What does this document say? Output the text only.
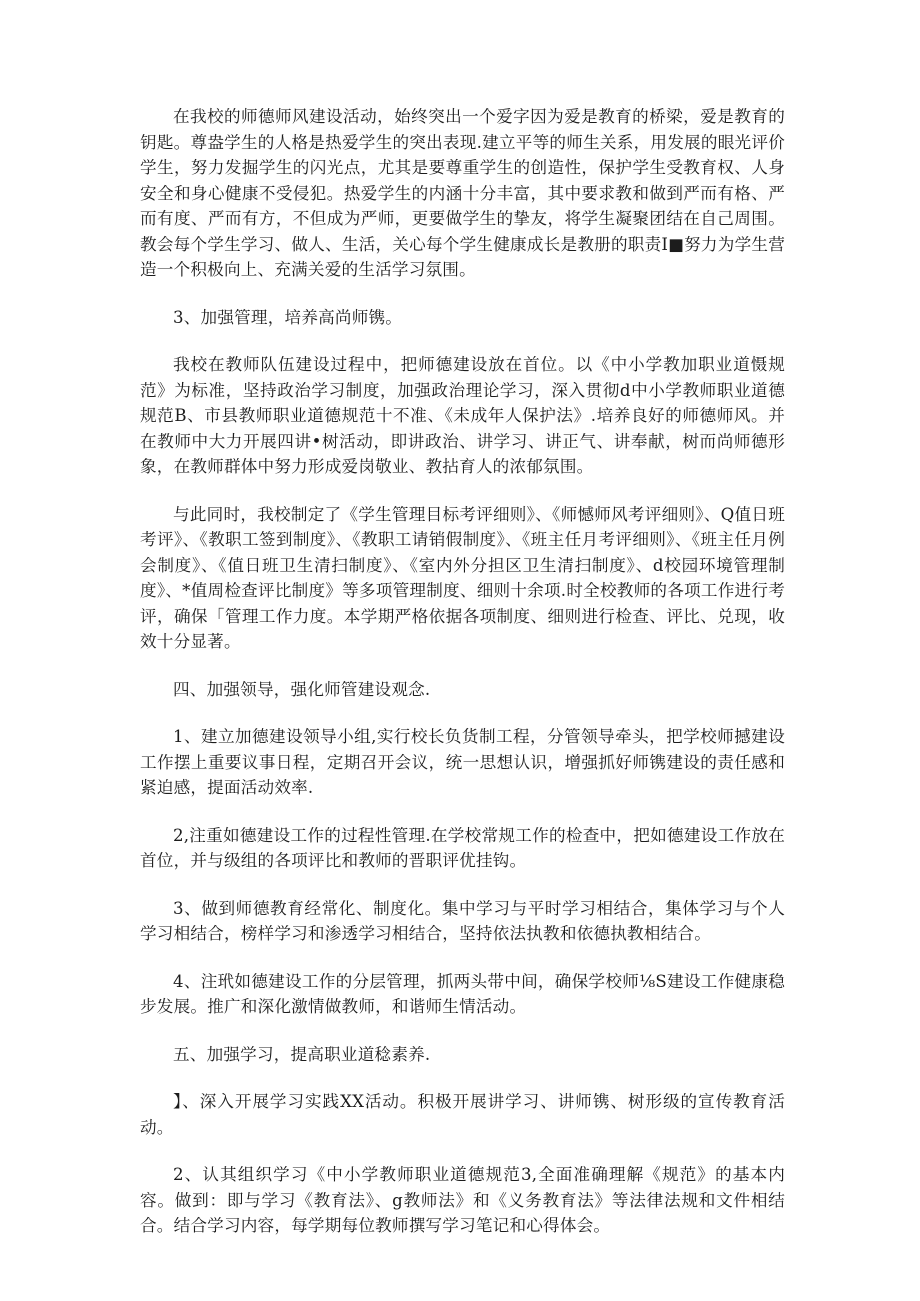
在我校的师德师风建设活动，始终突出一个爱字因为爱是教育的桥梁，爱是教育的钥匙。尊盎学生的人格是热爱学生的突出表现.建立平等的师生关系，用发展的眼光评价学生，努力发掘学生的闪光点，尤其是要尊重学生的创造性，保护学生受教育权、人身安全和身心健康不受侵犯。热爱学生的内涵十分丰富，其中要求教和做到严而有格、严而有度、严而有方，不但成为严师，更要做学生的挚友，将学生凝聚团结在自己周围。教会每个学生学习、做人、生活，关心每个学生健康成长是教册的职责I■努力为学生营造一个积极向上、充满关爱的生活学习氛围。

3、加强管理，培养高尚师镌。

我校在教师队伍建设过程中，把师德建设放在首位。以《中小学教加职业道慑规范》为标准，坚持政治学习制度，加强政治理论学习，深入贯彻d中小学教师职业道德规范B、市县教师职业道德规范十不准、《未成年人保护法》.培养良好的师德师风。并在教师中大力开展四讲•树活动，即讲政治、讲学习、讲正气、讲奉献，树而尚师德形象，在教师群体中努力形成爱岗敬业、教拈育人的浓郁氛围。

与此同时，我校制定了《学生管理目标考评细则》、《师憾师风考评细则》、Q值日班考评》、《教职工签到制度》、《教职工请销假制度》、《班主任月考评细则》、《班主任月例会制度》、《值日班卫生清扫制度》、《室内外分担区卫生清扫制度》、d校园环境管理制度》、*值周检查评比制度》等多项管理制度、细则十余项.时全校教师的各项工作进行考评，确保「管理工作力度。本学期严格依据各项制度、细则进行检查、评比、兑现，收效十分显著。

四、加强领导，强化师管建设观念.

1、建立加德建设领导小组,实行校长负货制工程，分管领导牵头，把学校师撼建设工作摆上重要议事日程，定期召开会议，统一思想认识，增强抓好师镌建设的责任感和紧迫感，提面活动效率.

2,注重如德建设工作的过程性管理.在学校常规工作的检查中，把如德建设工作放在首位，并与级组的各项评比和教师的晋职评优挂钩。

3、做到师德教育经常化、制度化。集中学习与平时学习相结合，集体学习与个人学习相结合，榜样学习和渗透学习相结合，坚持依法执教和依德执教相结合。

4、注玳如德建设工作的分层管理，抓两头带中间，确保学校师⅛S建设工作健康稳步发展。推广和深化激情做教师，和谐师生情活动。

五、加强学习，提高职业道稔素养.

】、深入开展学习实践XX活动。积极开展讲学习、讲师镌、树形级的宣传教育活动。

2、认其组织学习《中小学教师职业道德规范3,全面准确理解《规范》的基本内容。做到：即与学习《教育法》、g教师法》和《义务教育法》等法律法规和文件相结合。结合学习内容，每学期每位教师撰写学习笔记和心得体会。
